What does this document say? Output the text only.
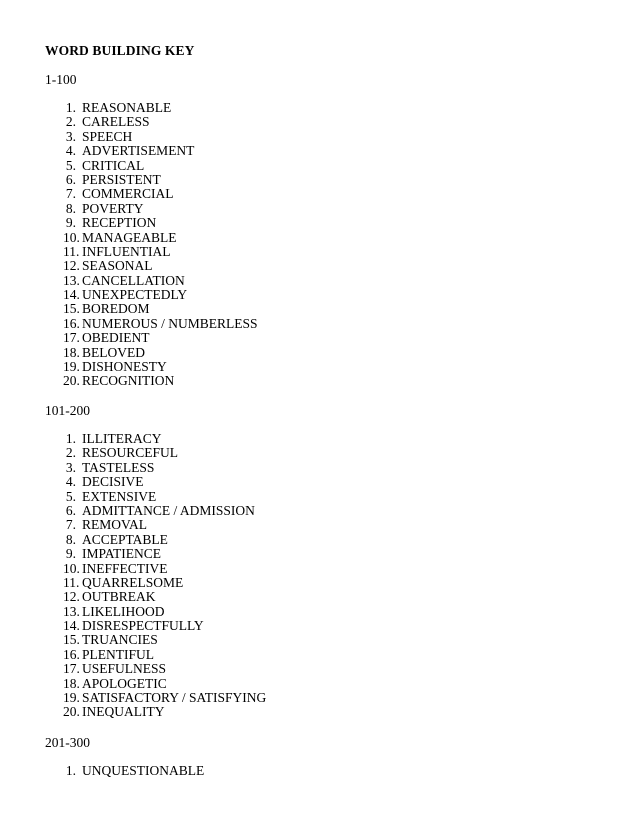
WORD BUILDING KEY
1-100
1. REASONABLE
2. CARELESS
3. SPEECH
4. ADVERTISEMENT
5. CRITICAL
6. PERSISTENT
7. COMMERCIAL
8. POVERTY
9. RECEPTION
10. MANAGEABLE
11. INFLUENTIAL
12. SEASONAL
13. CANCELLATION
14. UNEXPECTEDLY
15. BOREDOM
16. NUMEROUS / NUMBERLESS
17. OBEDIENT
18. BELOVED
19. DISHONESTY
20. RECOGNITION
101-200
1. ILLITERACY
2. RESOURCEFUL
3. TASTELESS
4. DECISIVE
5. EXTENSIVE
6. ADMITTANCE / ADMISSION
7. REMOVAL
8. ACCEPTABLE
9. IMPATIENCE
10. INEFFECTIVE
11. QUARRELSOME
12. OUTBREAK
13. LIKELIHOOD
14. DISRESPECTFULLY
15. TRUANCIES
16. PLENTIFUL
17. USEFULNESS
18. APOLOGETIC
19. SATISFACTORY / SATISFYING
20. INEQUALITY
201-300
1. UNQUESTIONABLE
